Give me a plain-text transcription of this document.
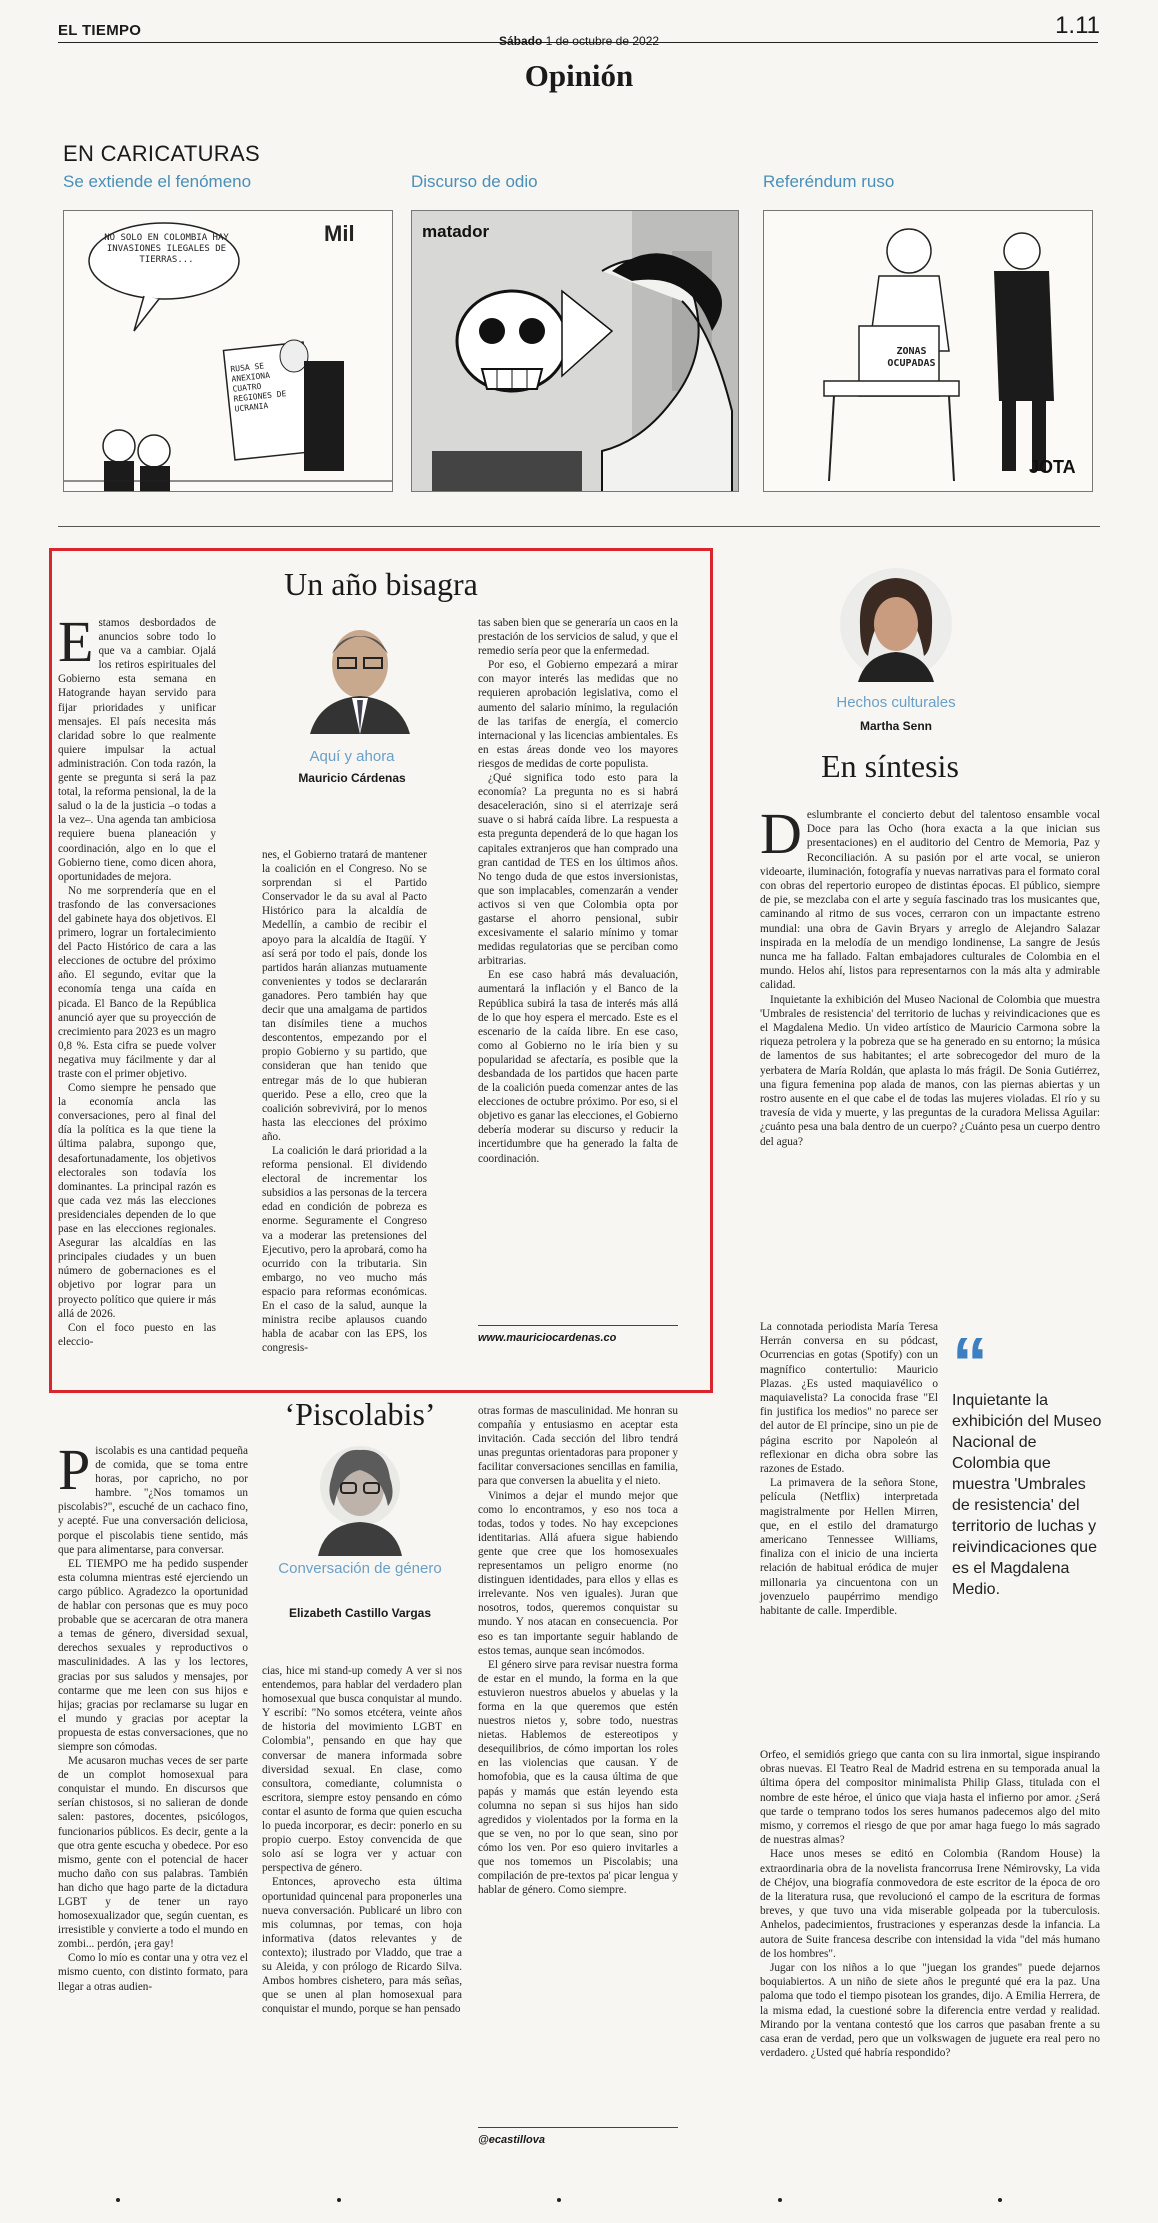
EL TIEMPO
Sábado 1 de octubre de 2022
1.11
Opinión
EN CARICATURAS
Se extiende el fenómeno	Discurso de odio	Referéndum ruso
NO SOLO EN COLOMBIA HAY INVASIONES ILEGALES DE TIERRAS...
Mil
RUSA SE ANEXIONA CUATRO REGIONES DE UCRANIA
matador
ZONAS OCUPADAS
JOTA
Un año bisagra
E stamos desbordados de anuncios sobre todo lo que va a cambiar. Ojalá los retiros espirituales del Gobierno esta semana en Hatogrande hayan servido para fijar prioridades y unificar mensajes. El país necesita más claridad sobre lo que realmente quiere impulsar la actual administración. Con toda razón, la gente se pregunta si será la paz total, la reforma pensional, la de la salud o la de la justicia –o todas a la vez–. Una agenda tan ambiciosa requiere buena planeación y coordinación, algo en lo que el Gobierno tiene, como dicen ahora, oportunidades de mejora.

No me sorprendería que en el trasfondo de las conversaciones del gabinete haya dos objetivos. El primero, lograr un fortalecimiento del Pacto Histórico de cara a las elecciones de octubre del próximo año. El segundo, evitar que la economía tenga una caída en picada. El Banco de la República anunció ayer que su proyección de crecimiento para 2023 es un magro 0,8 %. Esta cifra se puede volver negativa muy fácilmente y dar al traste con el primer objetivo.

Como siempre he pensado que la economía ancla las conversaciones, pero al final del día la política es la que tiene la última palabra, supongo que, desafortunadamente, los objetivos electorales son todavía los dominantes. La principal razón es que cada vez más las elecciones presidenciales dependen de lo que pase en las elecciones regionales. Asegurar las alcaldías en las principales ciudades y un buen número de gobernaciones es el objetivo por lograr para un proyecto político que quiere ir más allá de 2026.

Con el foco puesto en las eleccio-

Aquí y ahora
Mauricio Cárdenas

nes, el Gobierno tratará de mantener la coalición en el Congreso. No se sorprendan si el Partido Conservador le da su aval al Pacto Histórico para la alcaldía de Medellín, a cambio de recibir el apoyo para la alcaldía de Itagüí. Y así será por todo el país, donde los partidos harán alianzas mutuamente convenientes y todos se declararán ganadores. Pero también hay que decir que una amalgama de partidos tan disímiles tiene a muchos descontentos, empezando por el propio Gobierno y su partido, que consideran que han tenido que entregar más de lo que hubieran querido. Pese a ello, creo que la coalición sobrevivirá, por lo menos hasta las elecciones del próximo año.

La coalición le dará prioridad a la reforma pensional. El dividendo electoral de incrementar los subsidios a las personas de la tercera edad en condición de pobreza es enorme. Seguramente el Congreso va a moderar las pretensiones del Ejecutivo, pero la aprobará, como ha ocurrido con la tributaria. Sin embargo, no veo mucho más espacio para reformas económicas. En el caso de la salud, aunque la ministra recibe aplausos cuando habla de acabar con las EPS, los congresis-

tas saben bien que se generaría un caos en la prestación de los servicios de salud, y que el remedio sería peor que la enfermedad.

Por eso, el Gobierno empezará a mirar con mayor interés las medidas que no requieren aprobación legislativa, como el aumento del salario mínimo, la regulación de las tarifas de energía, el comercio internacional y las licencias ambientales. Es en estas áreas donde veo los mayores riesgos de medidas de corte populista.

¿Qué significa todo esto para la economía? La pregunta no es si habrá desaceleración, sino si el aterrizaje será suave o si habrá caída libre. La respuesta a esta pregunta dependerá de lo que hagan los capitales extranjeros que han comprado una gran cantidad de TES en los últimos años. No tengo duda de que estos inversionistas, que son implacables, comenzarán a vender activos si ven que Colombia opta por gastarse el ahorro pensional, subir excesivamente el salario mínimo y tomar medidas regulatorias que se perciban como arbitrarias.

En ese caso habrá más devaluación, aumentará la inflación y el Banco de la República subirá la tasa de interés más allá de lo que hoy espera el mercado. Este es el escenario de la caída libre. En ese caso, como al Gobierno no le iría bien y su popularidad se afectaría, es posible que la desbandada de los partidos que hacen parte de la coalición pueda comenzar antes de las elecciones de octubre próximo. Por eso, si el objetivo es ganar las elecciones, el Gobierno debería moderar su discurso y reducir la incertidumbre que ha generado la falta de coordinación.

www.mauriciocardenas.co
‘Piscolabis’
P iscolabis es una cantidad pequeña de comida, que se toma entre horas, por capricho, no por hambre. "¿Nos tomamos un piscolabis?", escuché de un cachaco fino, y acepté. Fue una conversación deliciosa, porque el piscolabis tiene sentido, más que para alimentarse, para conversar.

EL TIEMPO me ha pedido suspender esta columna mientras esté ejerciendo un cargo público. Agradezco la oportunidad de hablar con personas que es muy poco probable que se acercaran de otra manera a temas de género, diversidad sexual, derechos sexuales y reproductivos o masculinidades. A las y los lectores, gracias por sus saludos y mensajes, por contarme que me leen con sus hijos e hijas; gracias por reclamarse su lugar en el mundo y gracias por aceptar la propuesta de estas conversaciones, que no siempre son cómodas.

Me acusaron muchas veces de ser parte de un complot homosexual para conquistar el mundo. En discursos que serían chistosos, si no salieran de donde salen: pastores, docentes, psicólogos, funcionarios públicos. Es decir, gente a la que otra gente escucha y obedece. Por eso mismo, gente con el potencial de hacer mucho daño con sus palabras. También han dicho que hago parte de la dictadura LGBT y de tener un rayo homosexualizador que, según cuentan, es irresistible y convierte a todo el mundo en zombi... perdón, ¡era gay!

Como lo mío es contar una y otra vez el mismo cuento, con distinto formato, para llegar a otras audien-

Conversación de género
Elizabeth Castillo Vargas

cias, hice mi stand-up comedy A ver si nos entendemos, para hablar del verdadero plan homosexual que busca conquistar al mundo. Y escribí: "No somos etcétera, veinte años de historia del movimiento LGBT en Colombia", pensando en que hay que conversar de manera informada sobre diversidad sexual. En clase, como consultora, comediante, columnista o escritora, siempre estoy pensando en cómo contar el asunto de forma que quien escucha lo pueda incorporar, es decir: ponerlo en su propio cuerpo. Estoy convencida de que solo así se logra ver y actuar con perspectiva de género.

Entonces, aprovecho esta última oportunidad quincenal para proponerles una nueva conversación. Publicaré un libro con mis columnas, por temas, con hoja informativa (datos relevantes y de contexto); ilustrado por Vladdo, que trae a su Aleida, y con prólogo de Ricardo Silva. Ambos hombres cisheterο, para más señas, que se unen al plan homosexual para conquistar el mundo, porque se han pensado

otras formas de masculinidad. Me honran su compañía y entusiasmo en aceptar esta invitación. Cada sección del libro tendrá unas preguntas orientadoras para proponer y facilitar conversaciones sencillas en familia, para que conversen la abuelita y el nieto.

Vinimos a dejar el mundo mejor que como lo encontramos, y eso nos toca a todas, todos y todes. No hay excepciones identitarias. Allá afuera sigue habiendo gente que cree que los homosexuales representamos un peligro enorme (no distinguen identidades, para ellos y ellas es irrelevante. Nos ven iguales). Juran que nosotros, todos, queremos conquistar su mundo. Y nos atacan en consecuencia. Por eso es tan importante seguir hablando de estos temas, aunque sean incómodos.

El género sirve para revisar nuestra forma de estar en el mundo, la forma en la que estuvieron nuestros abuelos y abuelas y la forma en la que queremos que estén nuestros nietos y, sobre todo, nuestras nietas. Hablemos de estereotipos y desequilibrios, de cómo importan los roles en las violencias que causan. Y de homofobia, que es la causa última de que papás y mamás que están leyendo esta columna no sepan si sus hijos han sido agredidos y violentados por la forma en la que se ven, no por lo que sean, sino por cómo los ven. Por eso quiero invitarles a que nos tomemos un Piscolabis; una compilación de pre-textos pa' picar lengua y hablar de género. Como siempre.

@ecastillova
Hechos culturales
Martha Senn
En síntesis
D eslumbrante el concierto debut del talentoso ensamble vocal Doce para las Ocho (hora exacta a la que inician sus presentaciones) en el auditorio del Centro de Memoria, Paz y Reconciliación. A su pasión por el arte vocal, se unieron videoarte, iluminación, fotografía y nuevas narrativas para el formato coral con obras del repertorio europeo de distintas épocas. El público, siempre de pie, se mezclaba con el arte y seguía fascinado tras los musicantes que, caminando al ritmo de sus voces, cerraron con un impactante estreno mundial: una obra de Gavin Bryars y arreglo de Alejandro Salazar inspirada en la melodía de un mendigo londinense, La sangre de Jesús nunca me ha fallado. Faltan embajadores culturales de Colombia en el mundo. Helos ahí, listos para representarnos con la más alta y admirable calidad.

Inquietante la exhibición del Museo Nacional de Colombia que muestra 'Umbrales de resistencia' del territorio de luchas y reivindicaciones que es el Magdalena Medio. Un video artístico de Mauricio Carmona sobre la riqueza petrolera y la pobreza que se ha generado en su entorno; la música de lamentos de sus habitantes; el arte sobrecogedor del muro de la yerbatera de María Roldán, que aplasta lo más frágil. De Sonia Gutiérrez, una figura femenina pop alada de manos, con las piernas abiertas y un rostro ausente en el que cabe el de todas las mujeres violadas. El río y su travesía de vida y muerte, y las preguntas de la curadora Melissa Aguilar: ¿cuánto pesa una bala dentro de un cuerpo? ¿Cuánto pesa un cuerpo dentro del agua?

La connotada periodista María Teresa Herrán conversa en su pódcast, Ocurrencias en gotas (Spotify) con un magnífico contertulio: Mauricio Plazas. ¿Es usted maquiavélico o maquiavelista? La conocida frase "El fin justifica los medios" no parece ser del autor de El príncipe, sino un pie de página escrito por Napoleón al reflexionar en dicha obra sobre las razones de Estado.

La primavera de la señora Stone, película (Netflix) interpretada magistralmente por Hellen Mirren, que, en el estilo del dramaturgo americano Tennessee Williams, finaliza con el inicio de una incierta relación de habitual eródica de mujer millonaria ya cincuentona con un jovenzuelo paupérrimo mendigo habitante de calle. Imperdible.

“
Inquietante la exhibición del Museo Nacional de Colombia que muestra 'Umbrales de resistencia' del territorio de luchas y reivindicaciones que es el Magdalena Medio.

Orfeo, el semidiós griego que canta con su lira inmortal, sigue inspirando obras nuevas. El Teatro Real de Madrid estrena en su temporada anual la última ópera del compositor minimalista Philip Glass, titulada con el nombre de este héroe, el único que viaja hasta el infierno por amor. ¿Será que tarde o temprano todos los seres humanos padecemos algo del mito mismo, y corremos el riesgo de que por amar haga fuego lo más sagrado de nuestras almas?

Hace unos meses se editó en Colombia (Random House) la extraordinaria obra de la novelista francorrusa Irene Némirovsky, La vida de Chéjov, una biografía conmovedora de este escritor de la época de oro de la literatura rusa, que revolucionó el campo de la escritura de formas breves, y que tuvo una vida miserable golpeada por la tuberculosis. Anhelos, padecimientos, frustraciones y esperanzas desde la infancia. La autora de Suite francesa describe con intensidad la vida "del más humano de los hombres".

Jugar con los niños a lo que "juegan los grandes" puede dejarnos boquiabiertos. A un niño de siete años le pregunté qué era la paz. Una paloma que todo el tiempo pisotean los grandes, dijo. A Emilia Herrera, de la misma edad, la cuestioné sobre la diferencia entre verdad y realidad. Mirando por la ventana contestó que los carros que pasaban frente a su casa eran de verdad, pero que un volkswagen de juguete era real pero no verdadero. ¿Usted qué habría respondido?
